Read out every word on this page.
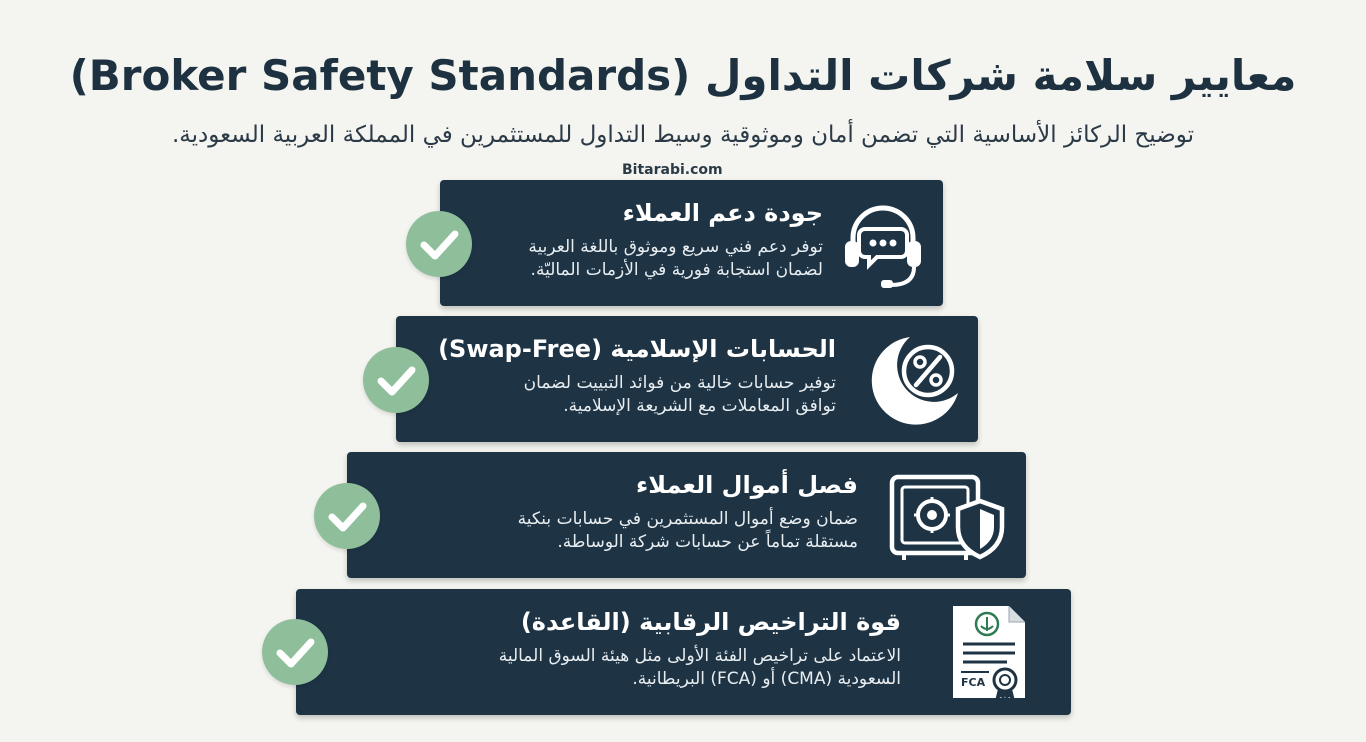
معايير سلامة شركات التداول (Broker Safety Standards)
توضيح الركائز الأساسية التي تضمن أمان وموثوقية وسيط التداول للمستثمرين في المملكة العربية السعودية.
Bitarabi.com
جودة دعم العملاء
توفر دعم فني سريع وموثوق باللغة العربية
لضمان استجابة فورية في الأزمات الماليّة.
الحسابات الإسلامية (Swap-Free)
توفير حسابات خالية من فوائد التبييت لضمان
توافق المعاملات مع الشريعة الإسلامية.
فصل أموال العملاء
ضمان وضع أموال المستثمرين في حسابات بنكية
مستقلة تماماً عن حسابات شركة الوساطة.
FCA
قوة التراخيص الرقابية (القاعدة)
الاعتماد على تراخيص الفئة الأولى مثل هيئة السوق المالية
السعودية (CMA) أو (FCA) البريطانية.
